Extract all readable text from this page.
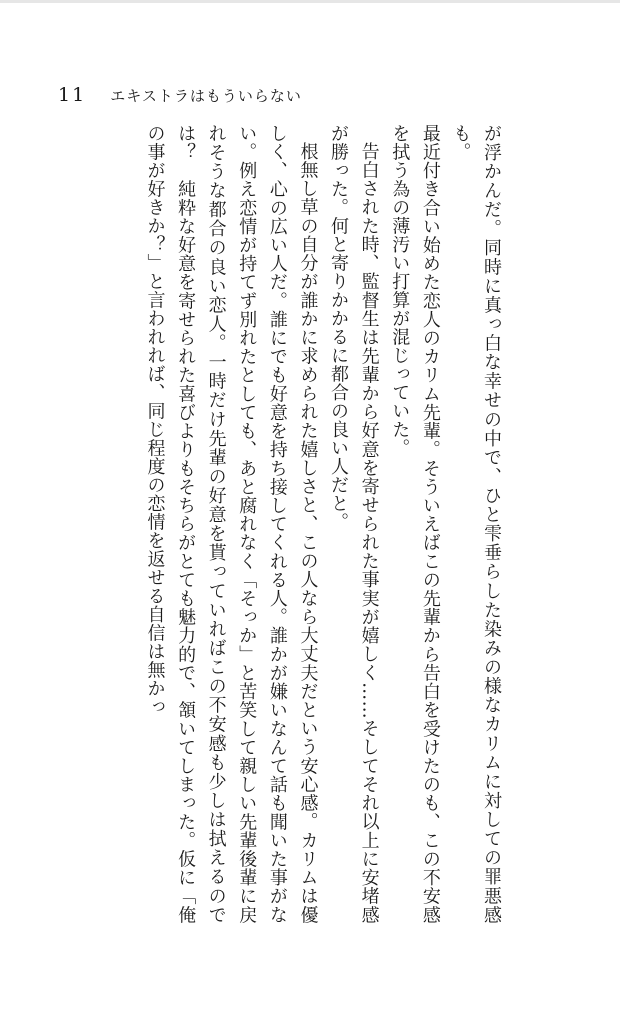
11 エキストラはもういらない

が浮かんだ。同時に真っ白な幸せの中で、ひと雫垂らした染みの様なカリムに対しての罪悪感も。

最近付き合い始めた恋人のカリム先輩。そういえばこの先輩から告白を受けたのも、この不安感を拭う為の薄汚い打算が混じっていた。

告白された時、監督生は先輩から好意を寄せられた事実が嬉しく……そしてそれ以上に安堵感が勝った。何と寄りかかるに都合の良い人だと。

根無し草の自分が誰かに求められた嬉しさと、この人なら大丈夫だという安心感。カリムは優しく、心の広い人だ。誰にでも好意を持ち接してくれる人。誰かが嫌いなんて話も聞いた事がない。例え恋情が持てず別れたとしても、あと腐れなく「そっか」と苦笑して親しい先輩後輩に戻れそうな都合の良い恋人。一時だけ先輩の好意を貰っていればこの不安感も少しは拭えるのでは？　純粋な好意を寄せられた喜びよりもそちらがとても魅力的で、頷いてしまった。仮に「俺の事が好きか？」と言われれば、同じ程度の恋情を返せる自信は無かっ
